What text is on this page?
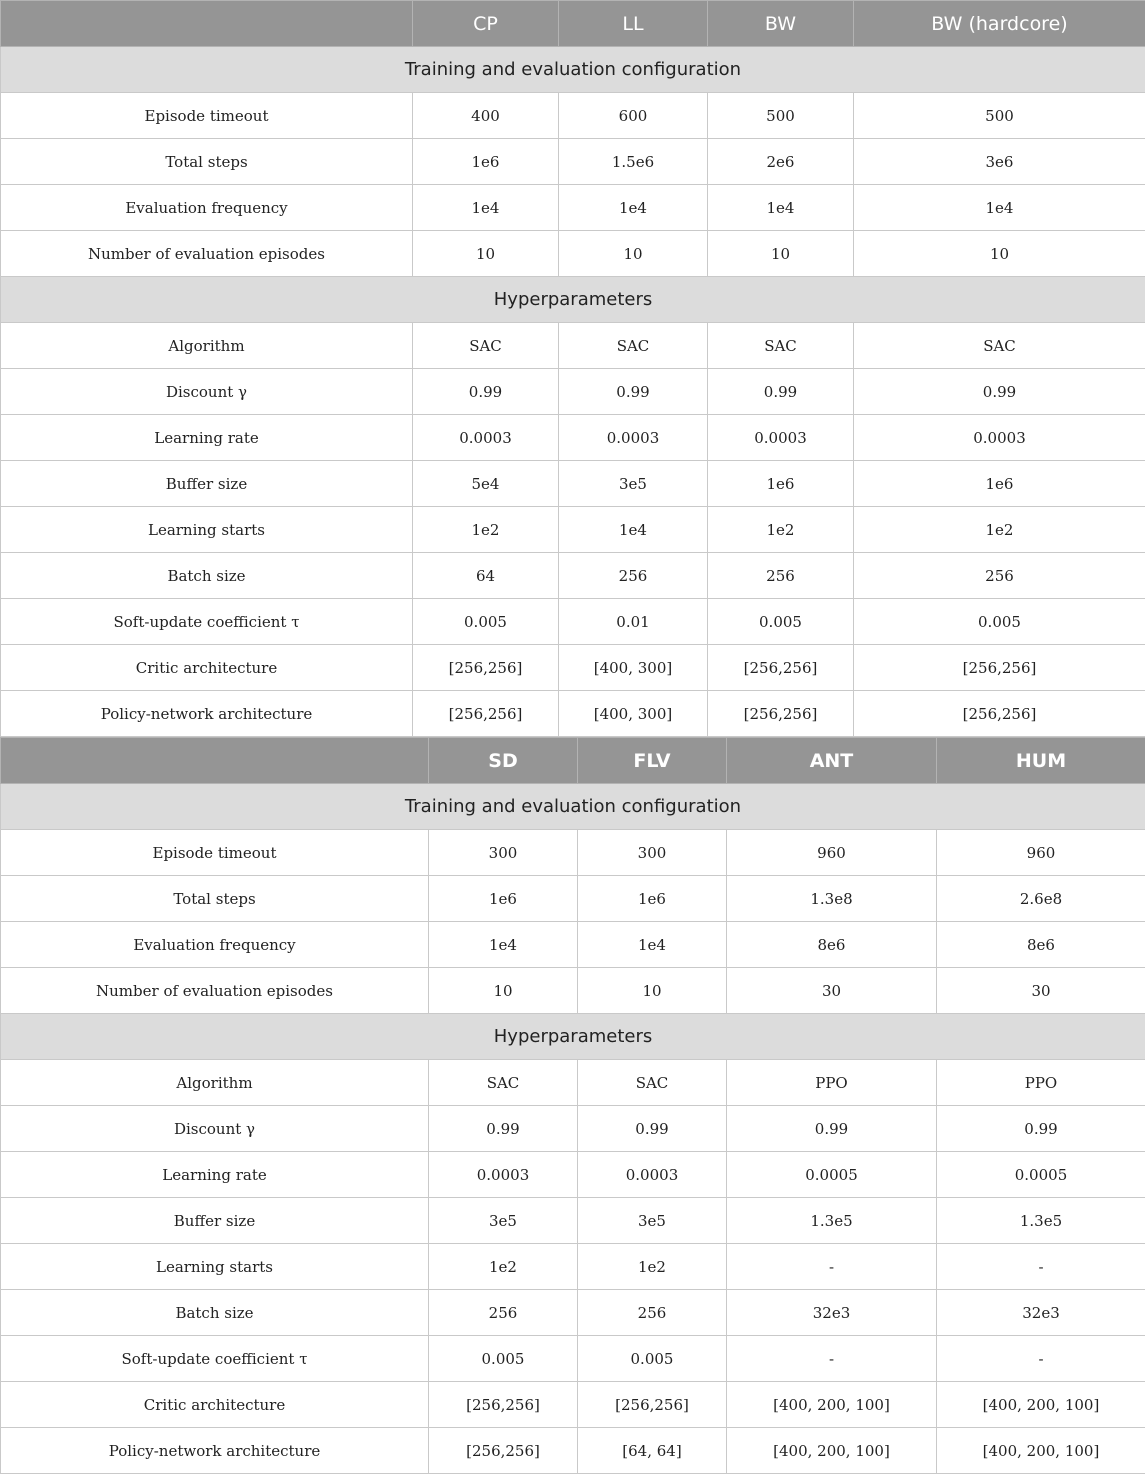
	CP	LL	BW	BW (hardcore)
Training and evaluation configuration				
Episode timeout	400	600	500	500
Total steps	1e6	1.5e6	2e6	3e6
Evaluation frequency	1e4	1e4	1e4	1e4
Number of evaluation episodes	10	10	10	10
Hyperparameters				
Algorithm	SAC	SAC	SAC	SAC
Discount γ	0.99	0.99	0.99	0.99
Learning rate	0.0003	0.0003	0.0003	0.0003
Buffer size	5e4	3e5	1e6	1e6
Learning starts	1e2	1e4	1e2	1e2
Batch size	64	256	256	256
Soft-update coefficient τ	0.005	0.01	0.005	0.005
Critic architecture	[256,256]	[400, 300]	[256,256]	[256,256]
Policy-network architecture	[256,256]	[400, 300]	[256,256]	[256,256]
	SD	FLV	ANT	HUM
Training and evaluation configuration				
Episode timeout	300	300	960	960
Total steps	1e6	1e6	1.3e8	2.6e8
Evaluation frequency	1e4	1e4	8e6	8e6
Number of evaluation episodes	10	10	30	30
Hyperparameters				
Algorithm	SAC	SAC	PPO	PPO
Discount γ	0.99	0.99	0.99	0.99
Learning rate	0.0003	0.0003	0.0005	0.0005
Buffer size	3e5	3e5	1.3e5	1.3e5
Learning starts	1e2	1e2	-	-
Batch size	256	256	32e3	32e3
Soft-update coefficient τ	0.005	0.005	-	-
Critic architecture	[256,256]	[256,256]	[400, 200, 100]	[400, 200, 100]
Policy-network architecture	[256,256]	[64, 64]	[400, 200, 100]	[400, 200, 100]
